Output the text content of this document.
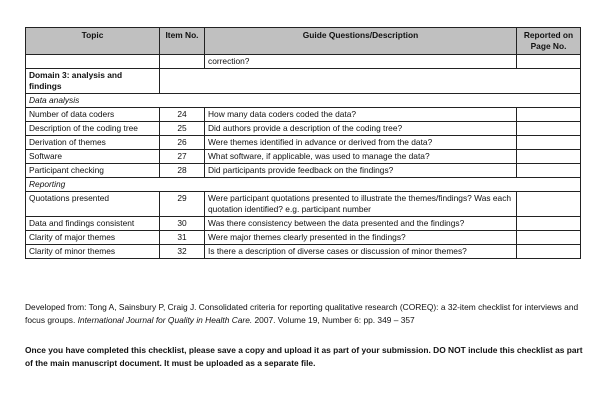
Topic	Item No.	Guide Questions/Description	Reported on Page No.
		correction?	
Domain 3: analysis and findings			
Data analysis			
Number of data coders	24	How many data coders coded the data?	
Description of the coding tree	25	Did authors provide a description of the coding tree?	
Derivation of themes	26	Were themes identified in advance or derived from the data?	
Software	27	What software, if applicable, was used to manage the data?	
Participant checking	28	Did participants provide feedback on the findings?	
Reporting			
Quotations presented	29	Were participant quotations presented to illustrate the themes/findings? Was each quotation identified? e.g. participant number	
Data and findings consistent	30	Was there consistency between the data presented and the findings?	
Clarity of major themes	31	Were major themes clearly presented in the findings?	
Clarity of minor themes	32	Is there a description of diverse cases or discussion of minor themes?	

Developed from: Tong A, Sainsbury P, Craig J. Consolidated criteria for reporting qualitative research (COREQ): a 32-item checklist for interviews and focus groups. International Journal for Quality in Health Care. 2007. Volume 19, Number 6: pp. 349 – 357

Once you have completed this checklist, please save a copy and upload it as part of your submission. DO NOT include this checklist as part of the main manuscript document. It must be uploaded as a separate file.
